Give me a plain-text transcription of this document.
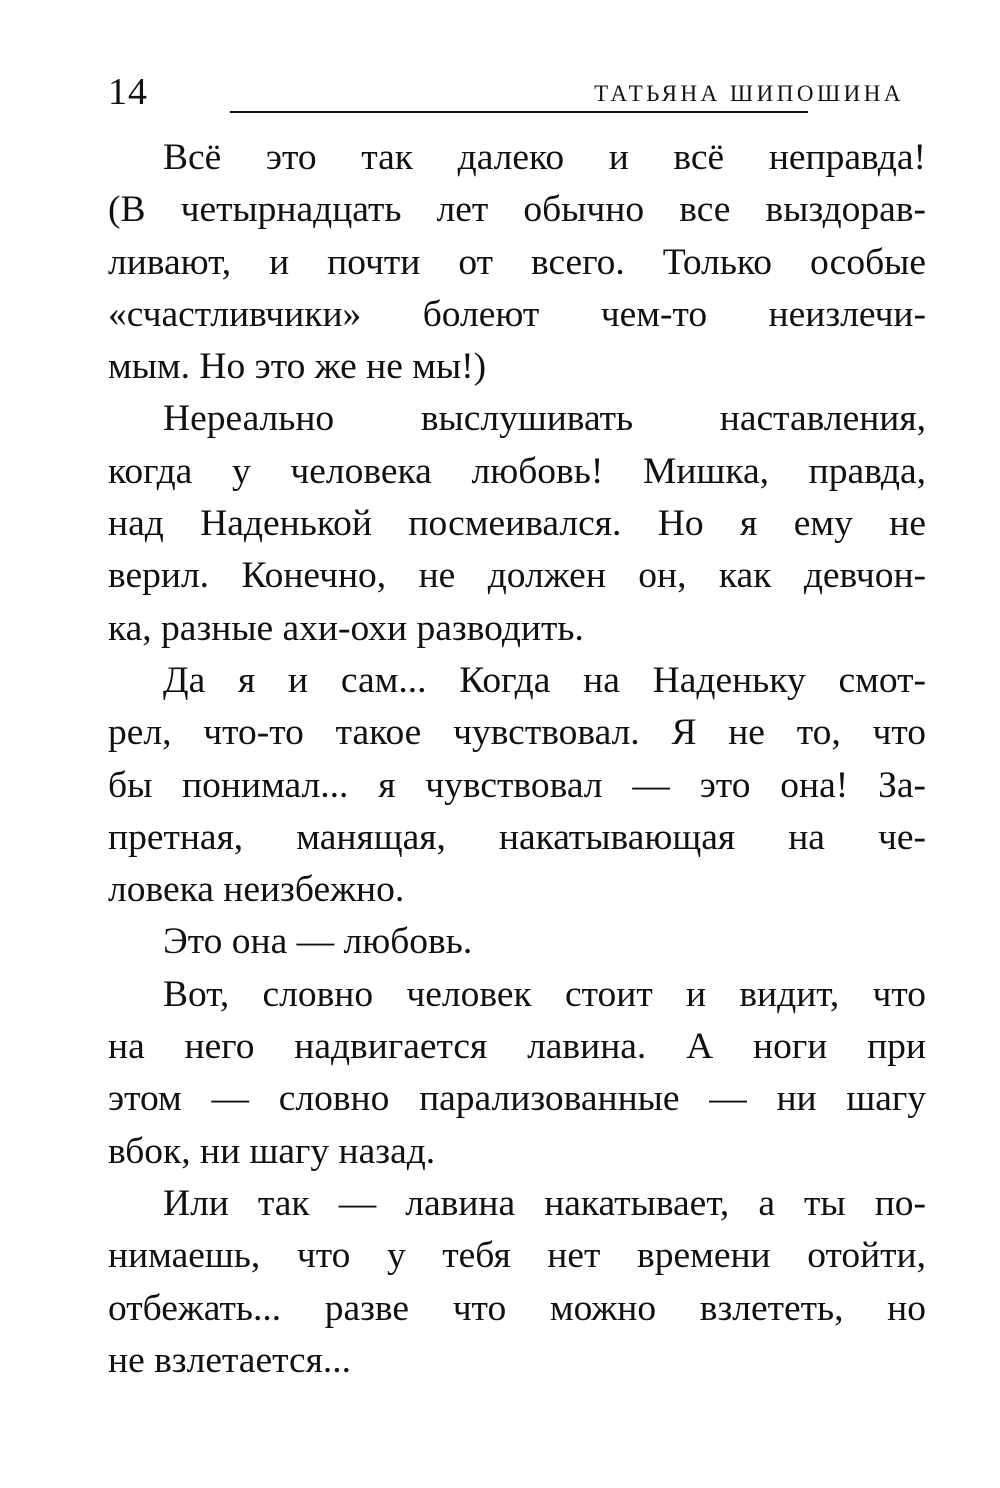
14	ТАТЬЯНА ШИПОШИНА
Всё это так далеко и всё неправда!
(В четырнадцать лет обычно все выздорав-
ливают, и почти от всего. Только особые
«счастливчики» болеют чем-то неизлечи-
мым. Но это же не мы!)
Нереально выслушивать наставления,
когда у человека любовь! Мишка, правда,
над Наденькой посмеивался. Но я ему не
верил. Конечно, не должен он, как девчон-
ка, разные ахи-охи разводить.
Да я и сам... Когда на Наденьку смот-
рел, что-то такое чувствовал. Я не то, что
бы понимал... я чувствовал — это она! За-
претная, манящая, накатывающая на че-
ловека неизбежно.
Это она — любовь.
Вот, словно человек стоит и видит, что
на него надвигается лавина. А ноги при
этом — словно парализованные — ни шагу
вбок, ни шагу назад.
Или так — лавина накатывает, а ты по-
нимаешь, что у тебя нет времени отойти,
отбежать... разве что можно взлететь, но
не взлетается...
